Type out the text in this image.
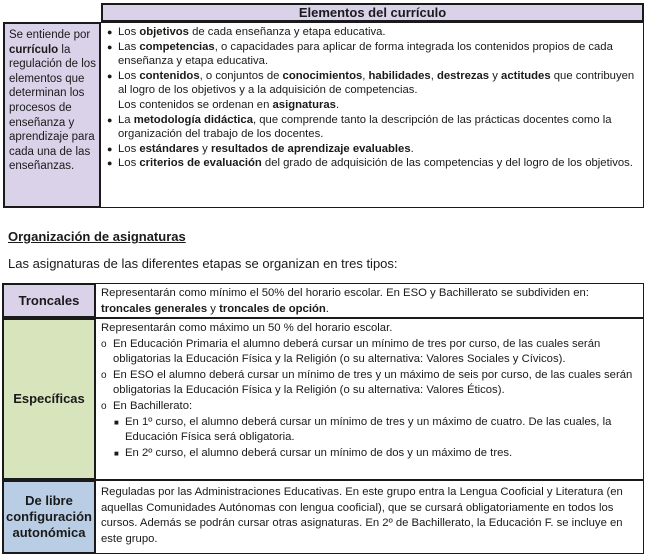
Elementos del currículo
Se entiende por currículo la regulación de los elementos que determinan los procesos de enseñanza y aprendizaje para cada una de las enseñanzas.
● Los objetivos de cada enseñanza y etapa educativa.
● Las competencias, o capacidades para aplicar de forma integrada los contenidos propios de cada enseñanza y etapa educativa.
● Los contenidos, o conjuntos de conocimientos, habilidades, destrezas y actitudes que contribuyen al logro de los objetivos y a la adquisición de competencias.
Los contenidos se ordenan en asignaturas.
● La metodología didáctica, que comprende tanto la descripción de las prácticas docentes como la organización del trabajo de los docentes.
● Los estándares y resultados de aprendizaje evaluables.
● Los criterios de evaluación del grado de adquisición de las competencias y del logro de los objetivos.
Organización de asignaturas
Las asignaturas de las diferentes etapas se organizan en tres tipos:
Troncales	Representarán como mínimo el 50% del horario escolar. En ESO y Bachillerato se subdividen en: troncales generales y troncales de opción.
Específicas
Representarán como máximo un 50 % del horario escolar.
o En Educación Primaria el alumno deberá cursar un mínimo de tres por curso, de las cuales serán obligatorias la Educación Física y la Religión (o su alternativa: Valores Sociales y Cívicos).
o En ESO el alumno deberá cursar un mínimo de tres y un máximo de seis por curso, de las cuales serán obligatorias la Educación Física y la Religión (o su alternativa: Valores Éticos).
o En Bachillerato:
■ En 1º curso, el alumno deberá cursar un mínimo de tres y un máximo de cuatro. De las cuales, la Educación Física será obligatoria.
■ En 2º curso, el alumno deberá cursar un mínimo de dos y un máximo de tres.
De libre configuración autonómica
Reguladas por las Administraciones Educativas. En este grupo entra la Lengua Cooficial y Literatura (en aquellas Comunidades Autónomas con lengua cooficial), que se cursará obligatoriamente en todos los cursos. Además se podrán cursar otras asignaturas. En 2º de Bachillerato, la Educación F. se incluye en este grupo.
